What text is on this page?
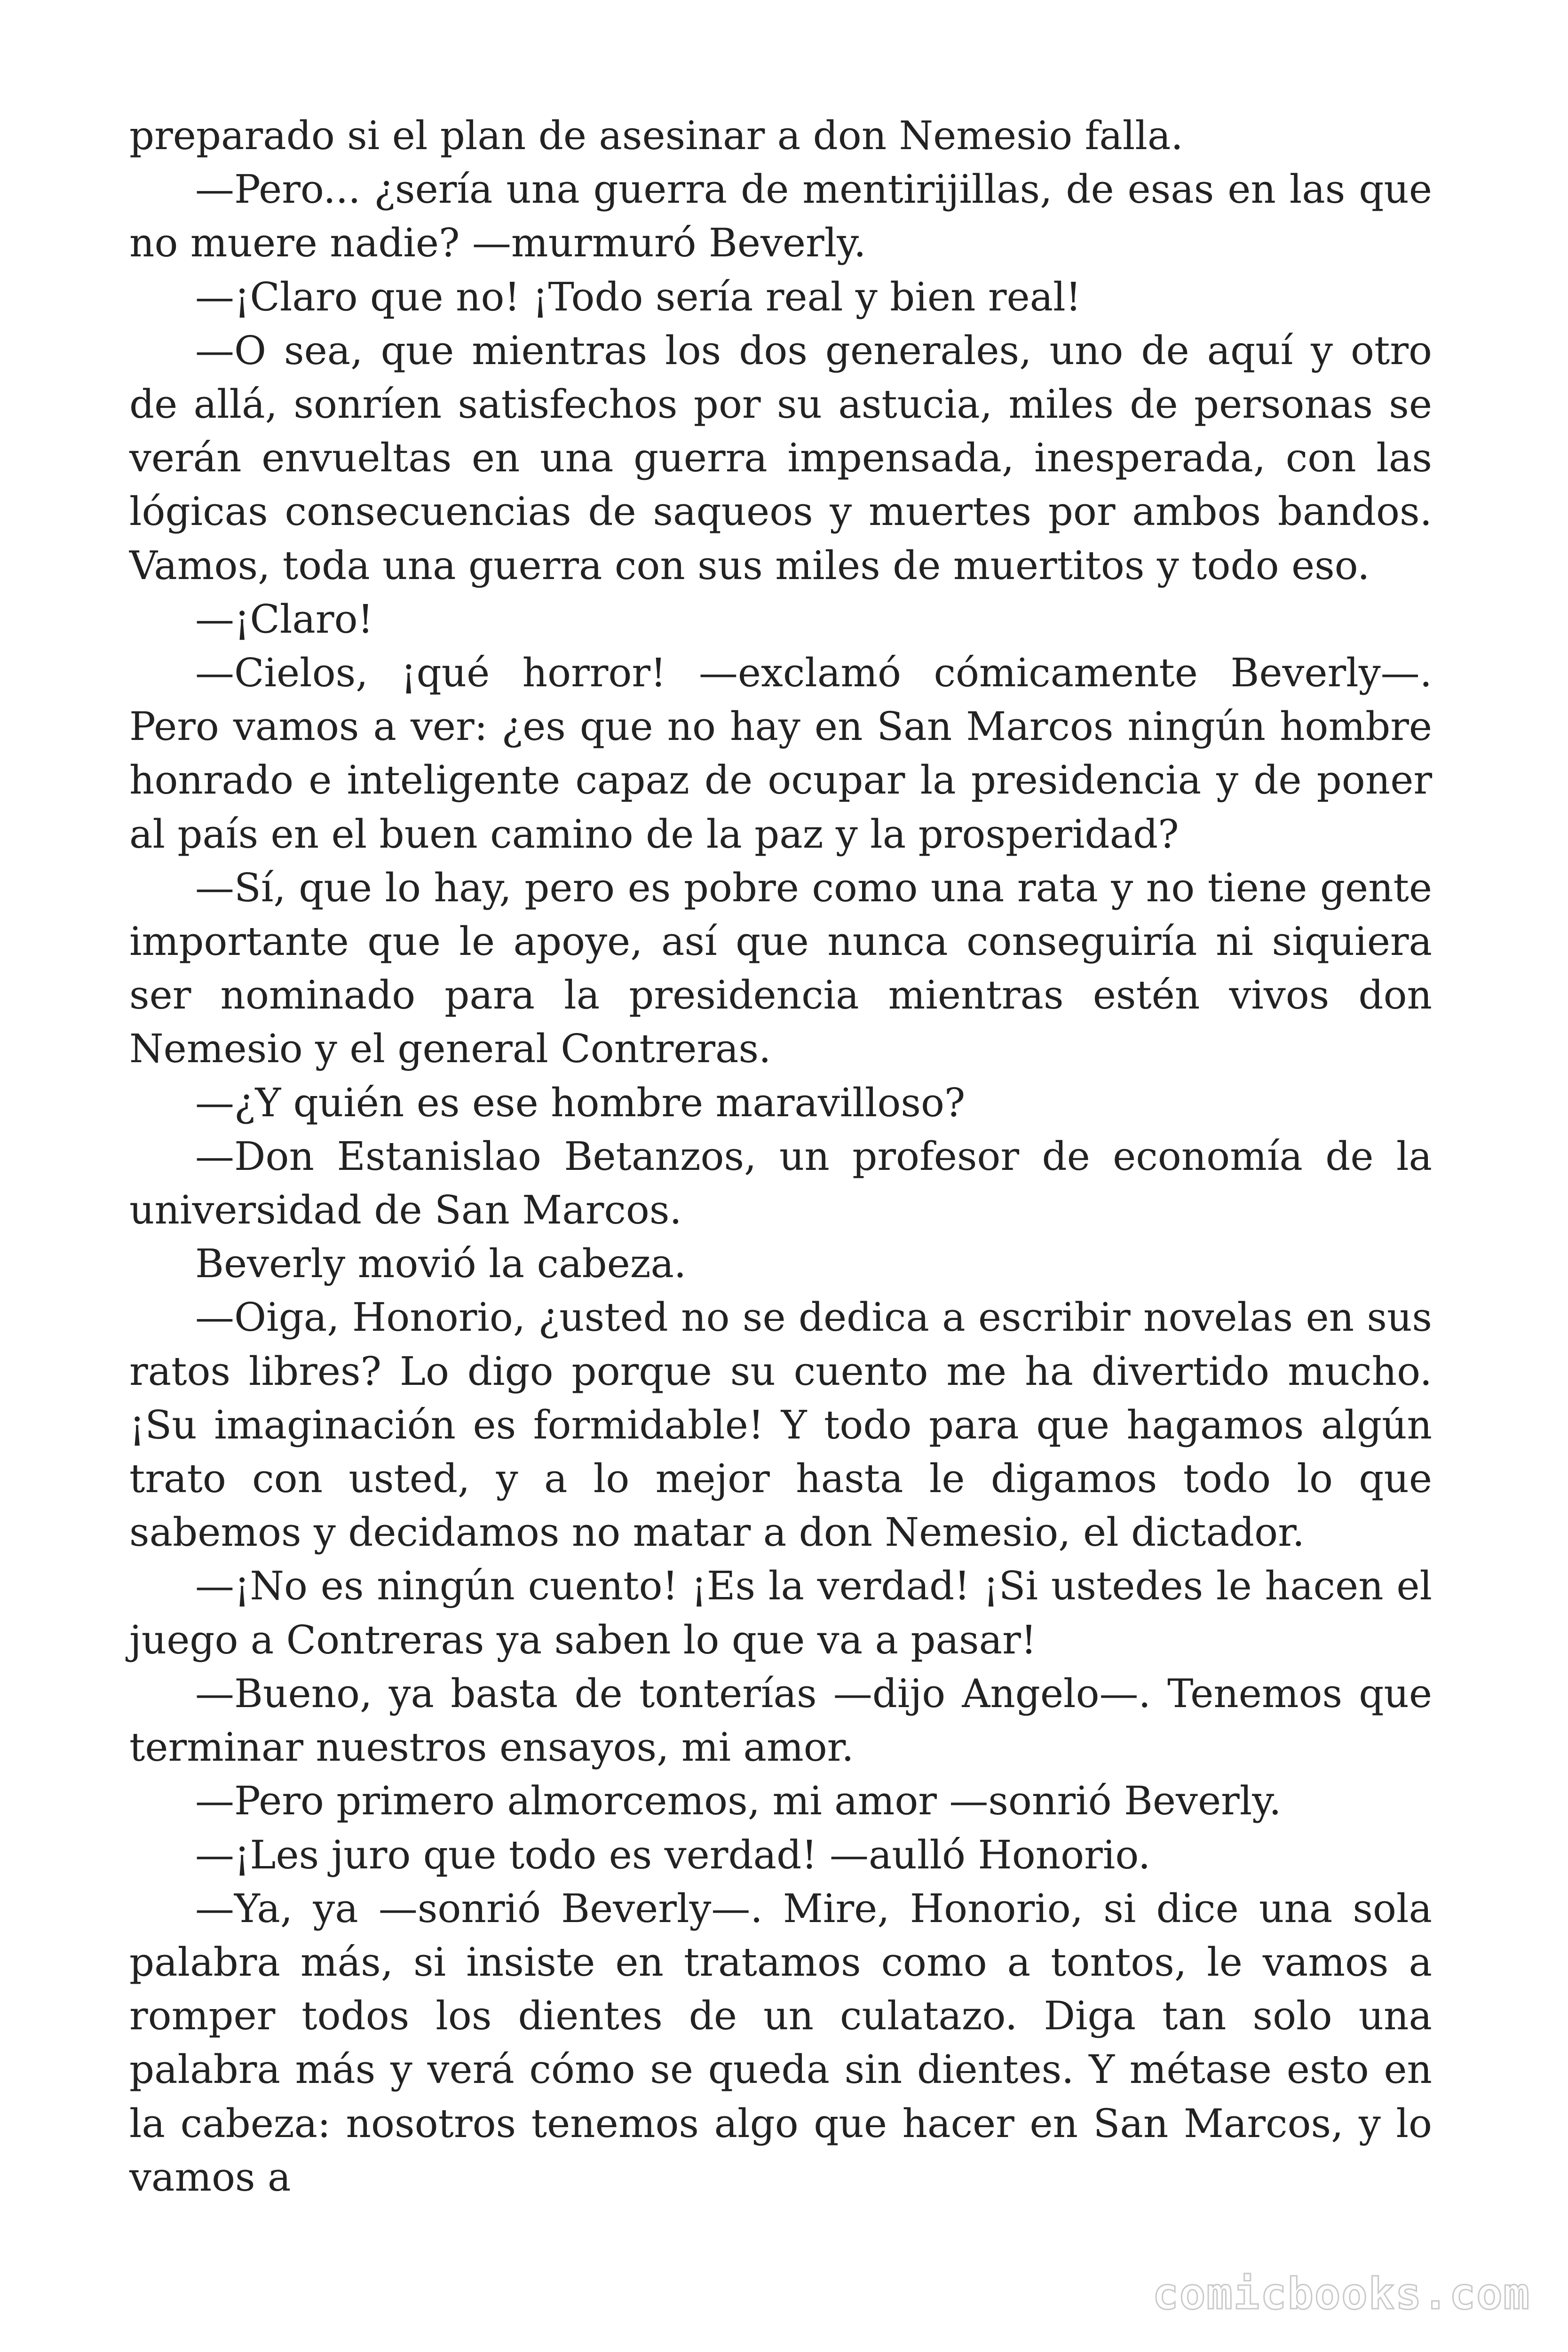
preparado si el plan de asesinar a don Nemesio falla.

—Pero... ¿sería una guerra de mentirijillas, de esas en las que no muere nadie? —murmuró Beverly.

—¡Claro que no! ¡Todo sería real y bien real!

—O sea, que mientras los dos generales, uno de aquí y otro de allá, sonríen satisfechos por su astucia, miles de personas se verán envueltas en una guerra impensada, inesperada, con las lógicas consecuencias de saqueos y muertes por ambos bandos. Vamos, toda una guerra con sus miles de muertitos y todo eso.

—¡Claro!

—Cielos, ¡qué horror! —exclamó cómicamente Beverly—. Pero vamos a ver: ¿es que no hay en San Marcos ningún hombre honrado e inteligente capaz de ocupar la presidencia y de poner al país en el buen camino de la paz y la prosperidad?

—Sí, que lo hay, pero es pobre como una rata y no tiene gente importante que le apoye, así que nunca conseguiría ni siquiera ser nominado para la presidencia mientras estén vivos don Nemesio y el general Contreras.

—¿Y quién es ese hombre maravilloso?

—Don Estanislao Betanzos, un profesor de economía de la universidad de San Marcos.

Beverly movió la cabeza.

—Oiga, Honorio, ¿usted no se dedica a escribir novelas en sus ratos libres? Lo digo porque su cuento me ha divertido mucho. ¡Su imaginación es formidable! Y todo para que hagamos algún trato con usted, y a lo mejor hasta le digamos todo lo que sabemos y decidamos no matar a don Nemesio, el dictador.

—¡No es ningún cuento! ¡Es la verdad! ¡Si ustedes le hacen el juego a Contreras ya saben lo que va a pasar!

—Bueno, ya basta de tonterías —dijo Angelo—. Tenemos que terminar nuestros ensayos, mi amor.

—Pero primero almorcemos, mi amor —sonrió Beverly.

—¡Les juro que todo es verdad! —aulló Honorio.

—Ya, ya —sonrió Beverly—. Mire, Honorio, si dice una sola palabra más, si insiste en tratamos como a tontos, le vamos a romper todos los dientes de un culatazo. Diga tan solo una palabra más y verá cómo se queda sin dientes. Y métase esto en la cabeza: nosotros tenemos algo que hacer en San Marcos, y lo vamos a

comicbooks.com
